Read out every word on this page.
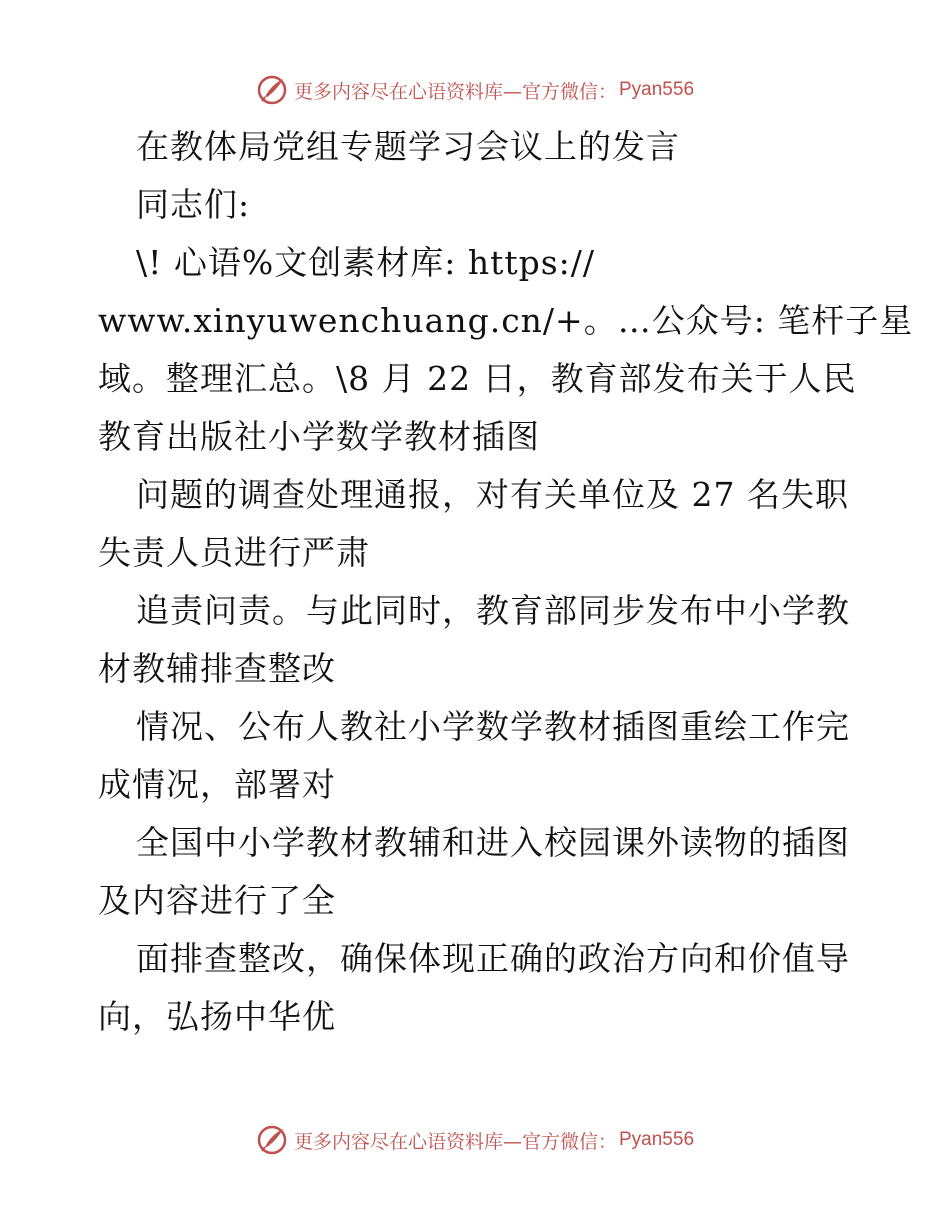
更多内容尽在心语资料库—官方微信： Pyan556
在教体局党组专题学习会议上的发言
同志们:
\! 心语%文创素材库: https://
www.xinyuwenchuang.cn/+。…公众号: 笔杆子星
域。整理汇总。\8 月 22 日，教育部发布关于人民
教育出版社小学数学教材插图
问题的调查处理通报，对有关单位及 27 名失职
失责人员进行严肃
追责问责。与此同时，教育部同步发布中小学教
材教辅排查整改
情况、公布人教社小学数学教材插图重绘工作完
成情况，部署对
全国中小学教材教辅和进入校园课外读物的插图
及内容进行了全
面排查整改，确保体现正确的政治方向和价值导
向，弘扬中华优
更多内容尽在心语资料库—官方微信： Pyan556
